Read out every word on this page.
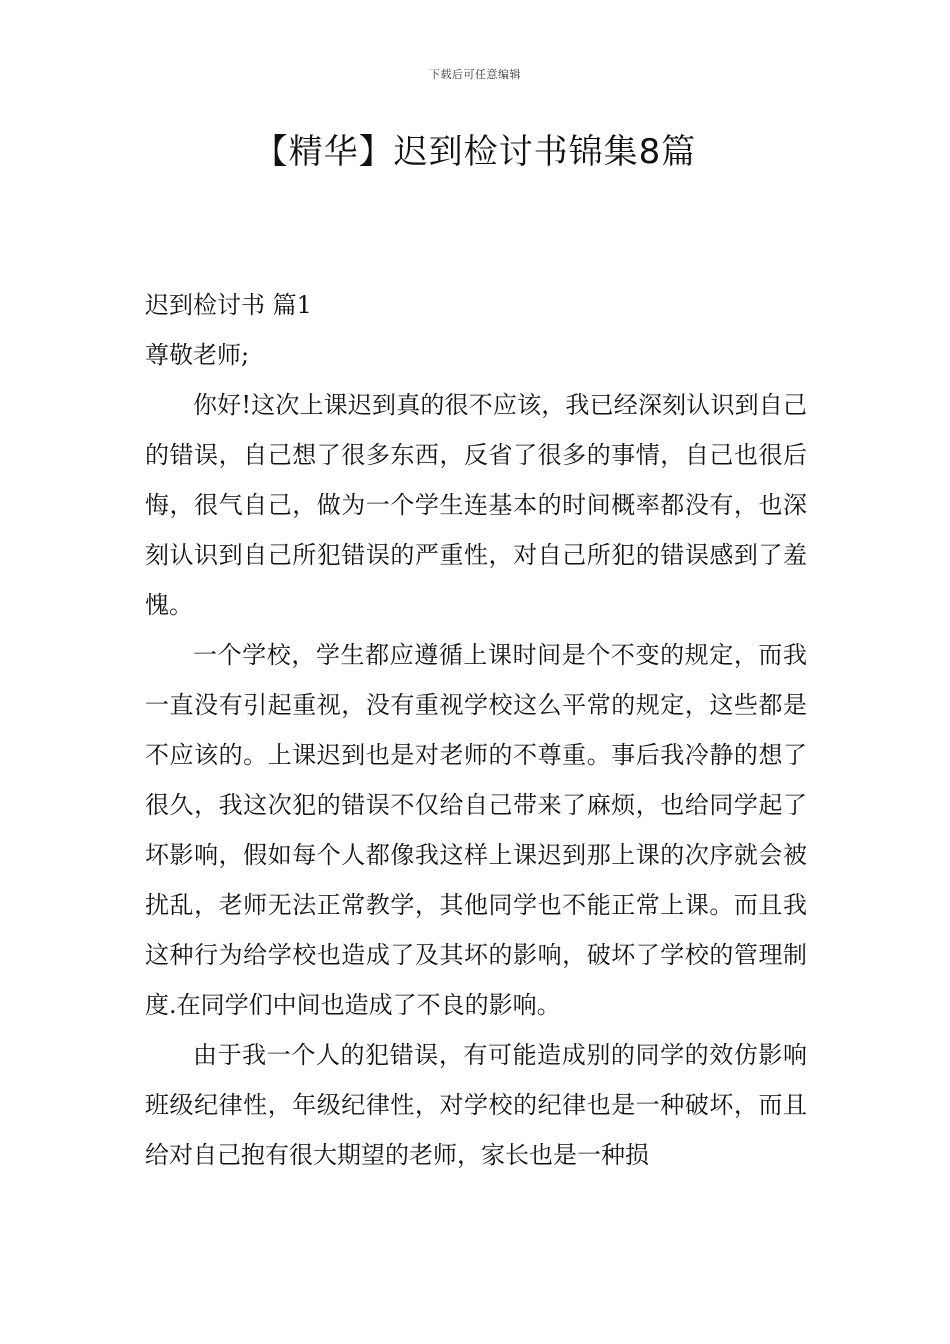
下载后可任意编辑
【精华】迟到检讨书锦集8篇

迟到检讨书 篇1

尊敬老师;

你好!这次上课迟到真的很不应该，我已经深刻认识到自己的错误，自己想了很多东西，反省了很多的事情，自己也很后悔，很气自己，做为一个学生连基本的时间概率都没有，也深刻认识到自己所犯错误的严重性，对自己所犯的错误感到了羞愧。

一个学校，学生都应遵循上课时间是个不变的规定，而我一直没有引起重视，没有重视学校这么平常的规定，这些都是不应该的。上课迟到也是对老师的不尊重。事后我冷静的想了很久，我这次犯的错误不仅给自己带来了麻烦，也给同学起了坏影响，假如每个人都像我这样上课迟到那上课的次序就会被扰乱，老师无法正常教学，其他同学也不能正常上课。而且我这种行为给学校也造成了及其坏的影响，破坏了学校的管理制度.在同学们中间也造成了不良的影响。

由于我一个人的犯错误，有可能造成别的同学的效仿影响班级纪律性，年级纪律性，对学校的纪律也是一种破坏，而且给对自己抱有很大期望的老师，家长也是一种损
